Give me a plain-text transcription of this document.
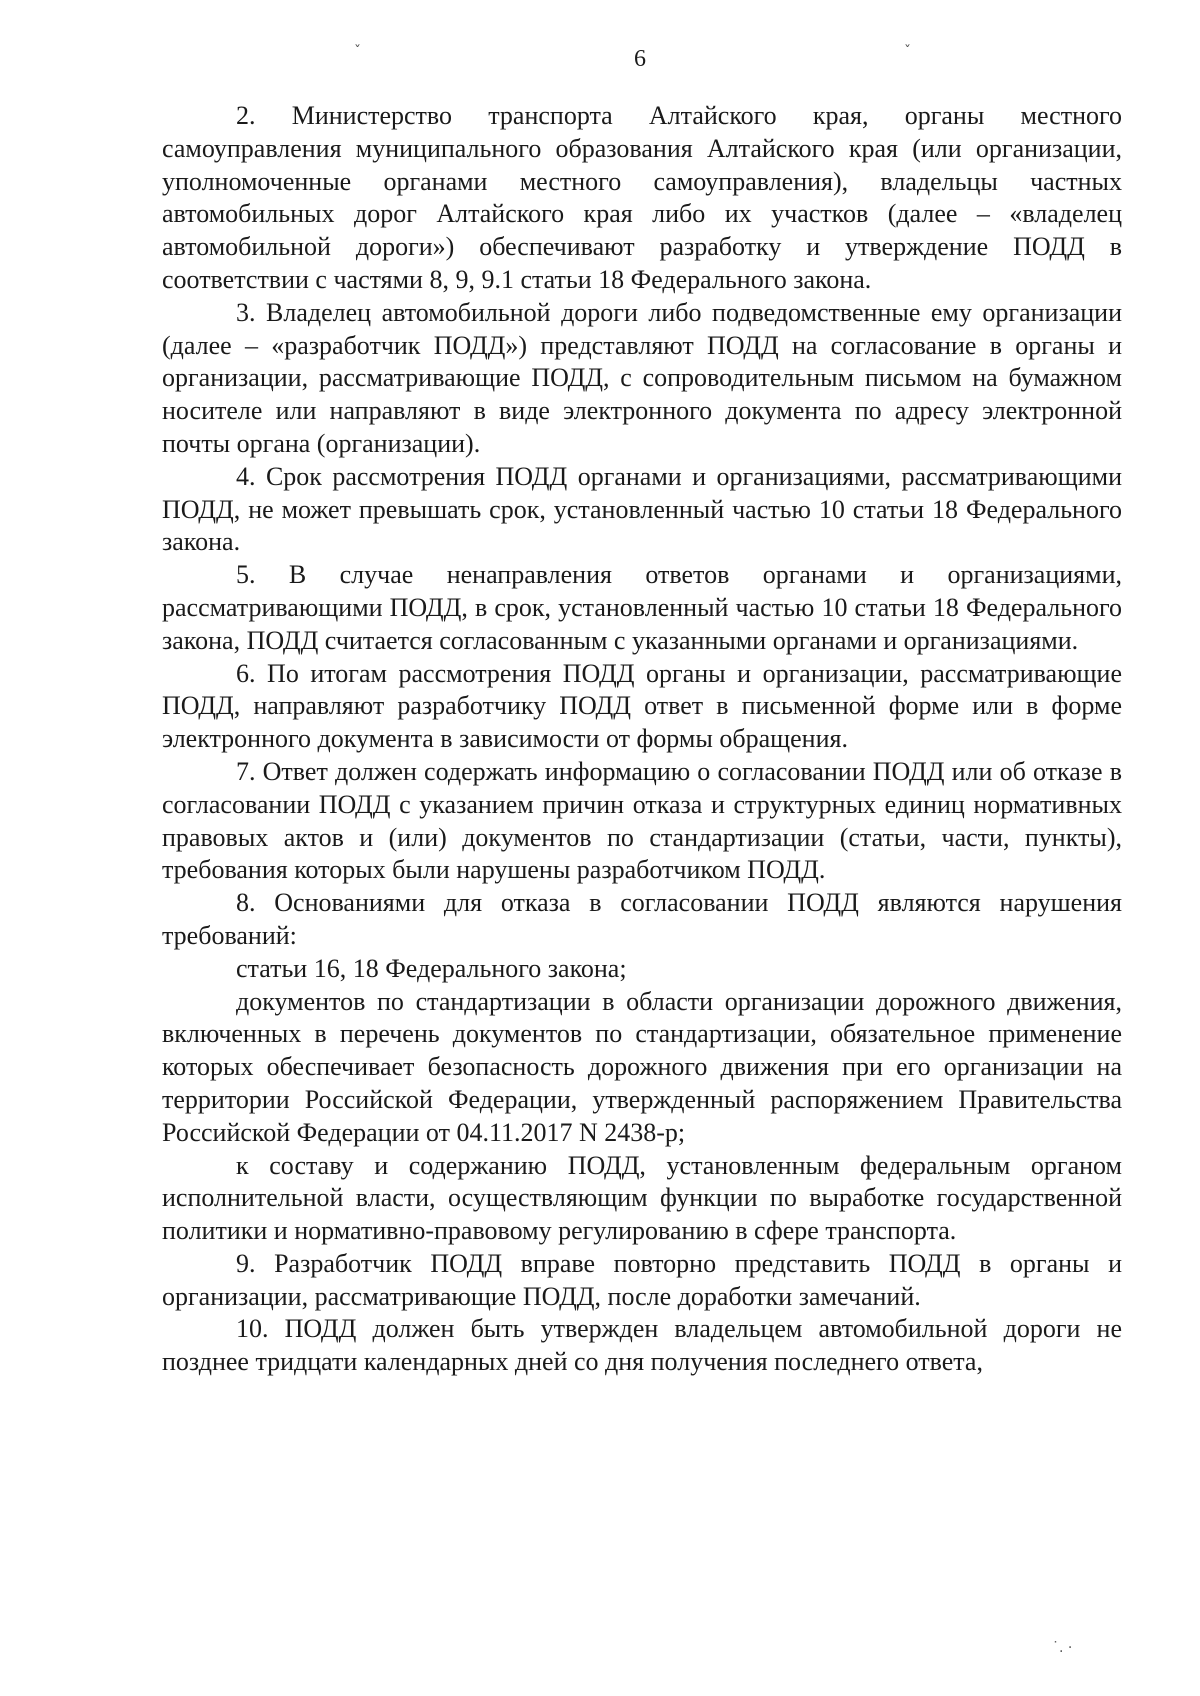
6

2. Министерство транспорта Алтайского края, органы местного самоуправления муниципального образования Алтайского края (или организации, уполномоченные органами местного самоуправления), владельцы частных автомобильных дорог Алтайского края либо их участков (далее – «владелец автомобильной дороги») обеспечивают разработку и утверждение ПОДД в соответствии с частями 8, 9, 9.1 статьи 18 Федерального закона.

3. Владелец автомобильной дороги либо подведомственные ему организации (далее – «разработчик ПОДД») представляют ПОДД на согласование в органы и организации, рассматривающие ПОДД, с сопроводительным письмом на бумажном носителе или направляют в виде электронного документа по адресу электронной почты органа (организации).

4. Срок рассмотрения ПОДД органами и организациями, рассматривающими ПОДД, не может превышать срок, установленный частью 10 статьи 18 Федерального закона.

5. В случае ненаправления ответов органами и организациями, рассматривающими ПОДД, в срок, установленный частью 10 статьи 18 Федерального закона, ПОДД считается согласованным с указанными органами и организациями.

6. По итогам рассмотрения ПОДД органы и организации, рассматривающие ПОДД, направляют разработчику ПОДД ответ в письменной форме или в форме электронного документа в зависимости от формы обращения.

7. Ответ должен содержать информацию о согласовании ПОДД или об отказе в согласовании ПОДД с указанием причин отказа и структурных единиц нормативных правовых актов и (или) документов по стандартизации (статьи, части, пункты), требования которых были нарушены разработчиком ПОДД.

8. Основаниями для отказа в согласовании ПОДД являются нарушения требований:

статьи 16, 18 Федерального закона;

документов по стандартизации в области организации дорожного движения, включенных в перечень документов по стандартизации, обязательное применение которых обеспечивает безопасность дорожного движения при его организации на территории Российской Федерации, утвержденный распоряжением Правительства Российской Федерации от 04.11.2017 N 2438-р;

к составу и содержанию ПОДД, установленным федеральным органом исполнительной власти, осуществляющим функции по выработке государственной политики и нормативно-правовому регулированию в сфере транспорта.

9. Разработчик ПОДД вправе повторно представить ПОДД в органы и организации, рассматривающие ПОДД, после доработки замечаний.

10. ПОДД должен быть утвержден владельцем автомобильной дороги не позднее тридцати календарных дней со дня получения последнего ответа,

ˇ	ˇ
˙. ·
